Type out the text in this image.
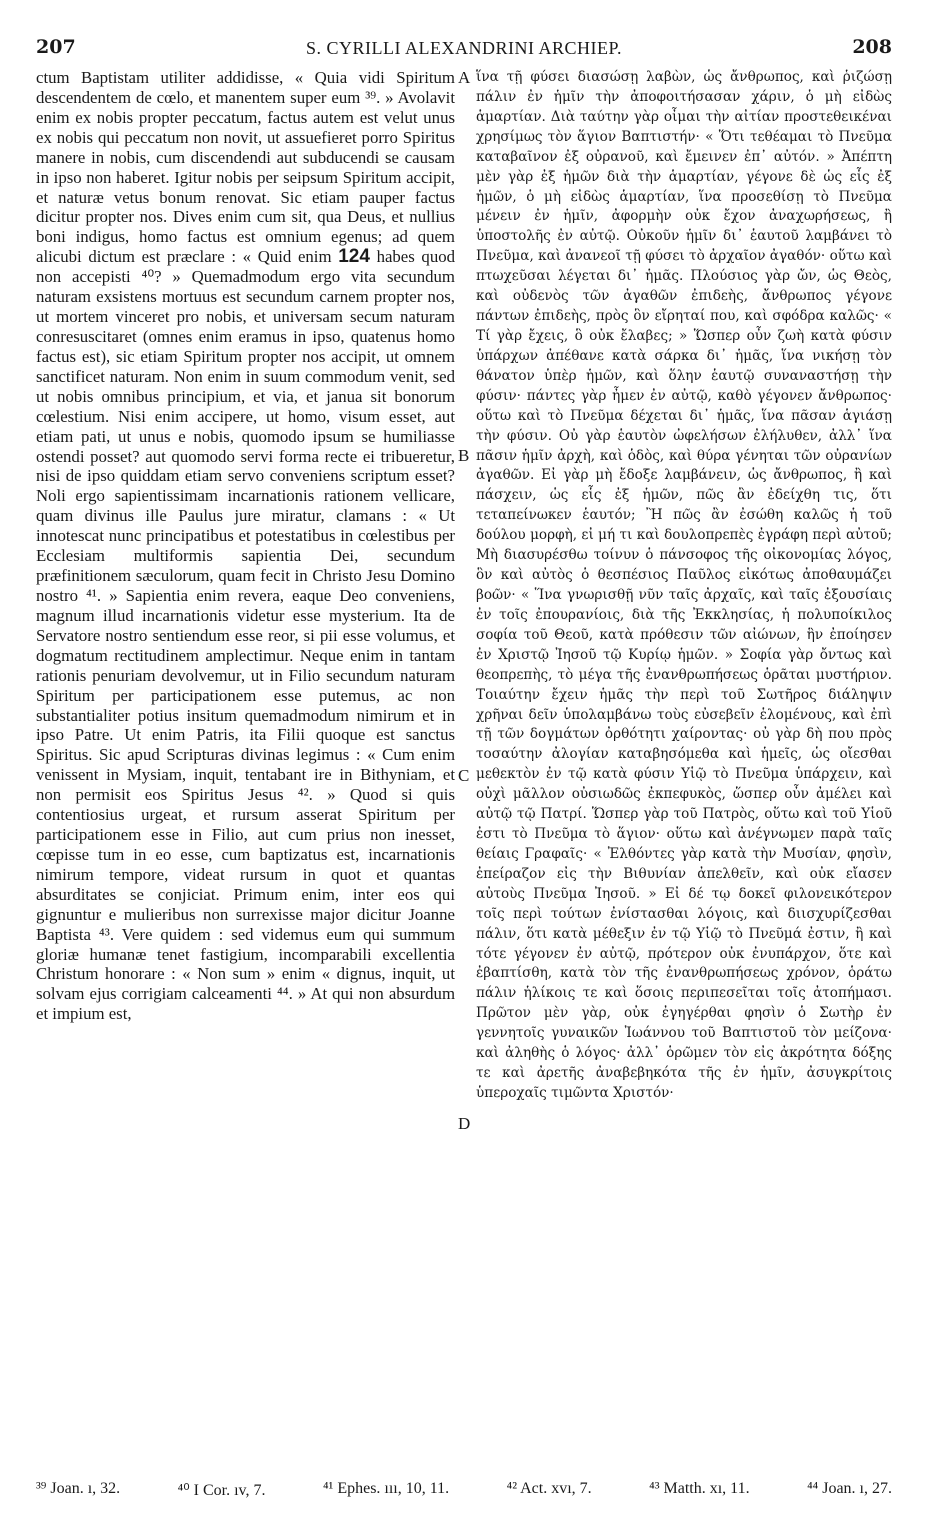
207	S. CYRILLI ALEXANDRINI ARCHIEP.	208

ctum Baptistam utiliter addidisse, « Quia vidi Spiritum descendentem de cœlo, et manentem super eum ³⁹. » Avolavit enim ex nobis propter peccatum, factus autem est velut unus ex nobis qui peccatum non novit, ut assuefieret porro Spiritus manere in nobis, cum discendendi aut subducendi se causam in ipso non haberet. Igitur nobis per seipsum Spiritum accipit, et naturæ vetus bonum renovat. Sic etiam pauper factus dicitur propter nos. Dives enim cum sit, qua Deus, et nullius boni indigus, homo factus est omnium egenus; ad quem alicubi dictum est præclare : « Quid enim 124 habes quod non accepisti ⁴⁰? » Quemadmodum ergo vita secundum naturam exsistens mortuus est secundum carnem propter nos, ut mortem vinceret pro nobis, et universam secum naturam conresuscitaret (omnes enim eramus in ipso, quatenus homo factus est), sic etiam Spiritum propter nos accipit, ut omnem sanctificet naturam. Non enim in suum commodum venit, sed ut nobis omnibus principium, et via, et janua sit bonorum cœlestium. Nisi enim accipere, ut homo, visum esset, aut etiam pati, ut unus e nobis, quomodo ipsum se humiliasse ostendi posset? aut quomodo servi forma recte ei tribueretur, nisi de ipso quiddam etiam servo conveniens scriptum esset? Noli ergo sapientissimam incarnationis rationem vellicare, quam divinus ille Paulus jure miratur, clamans : « Ut innotescat nunc principatibus et potestatibus in cœlestibus per Ecclesiam multiformis sapientia Dei, secundum præfinitionem sæculorum, quam fecit in Christo Jesu Domino nostro ⁴¹. » Sapientia enim revera, eaque Deo conveniens, magnum illud incarnationis videtur esse mysterium. Ita de Servatore nostro sentiendum esse reor, si pii esse volumus, et dogmatum rectitudinem amplectimur. Neque enim in tantam rationis penuriam devolvemur, ut in Filio secundum naturam Spiritum per participationem esse putemus, ac non substantialiter potius insitum quemadmodum nimirum et in ipso Patre. Ut enim Patris, ita Filii quoque est sanctus Spiritus. Sic apud Scripturas divinas legimus : « Cum enim venissent in Mysiam, inquit, tentabant ire in Bithyniam, et non permisit eos Spiritus Jesus ⁴². » Quod si quis contentiosius urgeat, et rursum asserat Spiritum per participationem esse in Filio, aut cum prius non inesset, cœpisse tum in eo esse, cum baptizatus est, incarnationis nimirum tempore, videat rursum in quot et quantas absurditates se conjiciat. Primum enim, inter eos qui gignuntur e mulieribus non surrexisse major dicitur Joanne Baptista ⁴³. Vere quidem : sed videmus eum qui summum gloriæ humanæ tenet fastigium, incomparabili excellentia Christum honorare : « Non sum » enim « dignus, inquit, ut solvam ejus corrigiam calceamenti ⁴⁴. » At qui non absurdum et impium est,

A
B
C
D

ἵνα τῇ φύσει διασώσῃ λαβὼν, ὡς ἄνθρωπος, καὶ ῥιζώσῃ πάλιν ἐν ἡμῖν τὴν ἀποφοιτήσασαν χάριν, ὁ μὴ εἰδὼς ἁμαρτίαν. Διὰ ταύτην γὰρ οἶμαι τὴν αἰτίαν προστεθεικέναι χρησίμως τὸν ἅγιον Βαπτιστήν· « Ὅτι τεθέαμαι τὸ Πνεῦμα καταβαῖνον ἐξ οὐρανοῦ, καὶ ἔμεινεν ἐπ᾽ αὐτόν. » Ἀπέπτη μὲν γὰρ ἐξ ἡμῶν διὰ τὴν ἁμαρτίαν, γέγονε δὲ ὡς εἷς ἐξ ἡμῶν, ὁ μὴ εἰδὼς ἁμαρτίαν, ἵνα προσεθίσῃ τὸ Πνεῦμα μένειν ἐν ἡμῖν, ἀφορμὴν οὐκ ἔχον ἀναχωρήσεως, ἢ ὑποστολῆς ἐν αὐτῷ. Οὐκοῦν ἡμῖν δι᾽ ἑαυτοῦ λαμβάνει τὸ Πνεῦμα, καὶ ἀνανεοῖ τῇ φύσει τὸ ἀρχαῖον ἀγαθόν· οὕτω καὶ πτωχεῦσαι λέγεται δι᾽ ἡμᾶς. Πλούσιος γὰρ ὤν, ὡς Θεὸς, καὶ οὐδενὸς τῶν ἀγαθῶν ἐπιδεὴς, ἄνθρωπος γέγονε πάντων ἐπιδεὴς, πρὸς ὃν εἴρηταί που, καὶ σφόδρα καλῶς· « Τί γὰρ ἔχεις, ὃ οὐκ ἔλαβες; » Ὥσπερ οὖν ζωὴ κατὰ φύσιν ὑπάρχων ἀπέθανε κατὰ σάρκα δι᾽ ἡμᾶς, ἵνα νικήσῃ τὸν θάνατον ὑπὲρ ἡμῶν, καὶ ὅλην ἑαυτῷ συναναστήσῃ τὴν φύσιν· πάντες γὰρ ἦμεν ἐν αὐτῷ, καθὸ γέγονεν ἄνθρωπος· οὕτω καὶ τὸ Πνεῦμα δέχεται δι᾽ ἡμᾶς, ἵνα πᾶσαν ἁγιάσῃ τὴν φύσιν. Οὐ γὰρ ἑαυτὸν ὠφελήσων ἐλήλυθεν, ἀλλ᾽ ἵνα πᾶσιν ἡμῖν ἀρχὴ, καὶ ὁδὸς, καὶ θύρα γένηται τῶν οὐρανίων ἀγαθῶν. Εἰ γὰρ μὴ ἔδοξε λαμβάνειν, ὡς ἄνθρωπος, ἢ καὶ πάσχειν, ὡς εἷς ἐξ ἡμῶν, πῶς ἂν ἐδείχθη τις, ὅτι τεταπείνωκεν ἑαυτόν; Ἢ πῶς ἂν ἐσώθη καλῶς ἡ τοῦ δούλου μορφὴ, εἰ μή τι καὶ δουλοπρεπὲς ἐγράφη περὶ αὐτοῦ; Μὴ διασυρέσθω τοίνυν ὁ πάνσοφος τῆς οἰκονομίας λόγος, ὃν καὶ αὐτὸς ὁ θεσπέσιος Παῦλος εἰκότως ἀποθαυμάζει βοῶν· « Ἵνα γνωρισθῇ νῦν ταῖς ἀρχαῖς, καὶ ταῖς ἐξουσίαις ἐν τοῖς ἐπουρανίοις, διὰ τῆς Ἐκκλησίας, ἡ πολυποίκιλος σοφία τοῦ Θεοῦ, κατὰ πρόθεσιν τῶν αἰώνων, ἣν ἐποίησεν ἐν Χριστῷ Ἰησοῦ τῷ Κυρίῳ ἡμῶν. » Σοφία γὰρ ὄντως καὶ θεοπρεπὴς, τὸ μέγα τῆς ἐνανθρωπήσεως ὁρᾶται μυστήριον. Τοιαύτην ἔχειν ἡμᾶς τὴν περὶ τοῦ Σωτῆρος διάληψιν χρῆναι δεῖν ὑπολαμβάνω τοὺς εὐσεβεῖν ἑλομένους, καὶ ἐπὶ τῇ τῶν δογμάτων ὀρθότητι χαίροντας· οὐ γὰρ δὴ που πρὸς τοσαύτην ἀλογίαν καταβησόμεθα καὶ ἡμεῖς, ὡς οἴεσθαι μεθεκτὸν ἐν τῷ κατὰ φύσιν Υἱῷ τὸ Πνεῦμα ὑπάρχειν, καὶ οὐχὶ μᾶλλον οὐσιωδῶς ἐκπεφυκὸς, ὥσπερ οὖν ἀμέλει καὶ αὐτῷ τῷ Πατρί. Ὥσπερ γὰρ τοῦ Πατρὸς, οὕτω καὶ τοῦ Υἱοῦ ἐστι τὸ Πνεῦμα τὸ ἅγιον· οὕτω καὶ ἀνέγνωμεν παρὰ ταῖς θείαις Γραφαῖς· « Ἐλθόντες γὰρ κατὰ τὴν Μυσίαν, φησὶν, ἐπείραζον εἰς τὴν Βιθυνίαν ἀπελθεῖν, καὶ οὐκ εἴασεν αὐτοὺς Πνεῦμα Ἰησοῦ. » Εἰ δέ τῳ δοκεῖ φιλονεικότερον τοῖς περὶ τούτων ἐνίστασθαι λόγοις, καὶ διισχυρίζεσθαι πάλιν, ὅτι κατὰ μέθεξιν ἐν τῷ Υἱῷ τὸ Πνεῦμά ἐστιν, ἢ καὶ τότε γέγονεν ἐν αὐτῷ, πρότερον οὐκ ἐνυπάρχον, ὅτε καὶ ἐβαπτίσθη, κατὰ τὸν τῆς ἐνανθρωπήσεως χρόνον, ὁράτω πάλιν ἡλίκοις τε καὶ ὅσοις περιπεσεῖται τοῖς ἀτοπήμασι. Πρῶτον μὲν γὰρ, οὐκ ἐγηγέρθαι φησὶν ὁ Σωτὴρ ἐν γεννητοῖς γυναικῶν Ἰωάννου τοῦ Βαπτιστοῦ τὸν μείζονα· καὶ ἀληθὴς ὁ λόγος· ἀλλ᾽ ὁρῶμεν τὸν εἰς ἀκρότητα δόξης τε καὶ ἀρετῆς ἀναβεβηκότα τῆς ἐν ἡμῖν, ἀσυγκρίτοις ὑπεροχαῖς τιμῶντα Χριστόν·

³⁹ Joan. ı, 32.	⁴⁰ I Cor. ıv, 7.	⁴¹ Ephes. ııı, 10, 11.	⁴² Act. xvı, 7.	⁴³ Matth. xı, 11.	⁴⁴ Joan. ı, 27.
